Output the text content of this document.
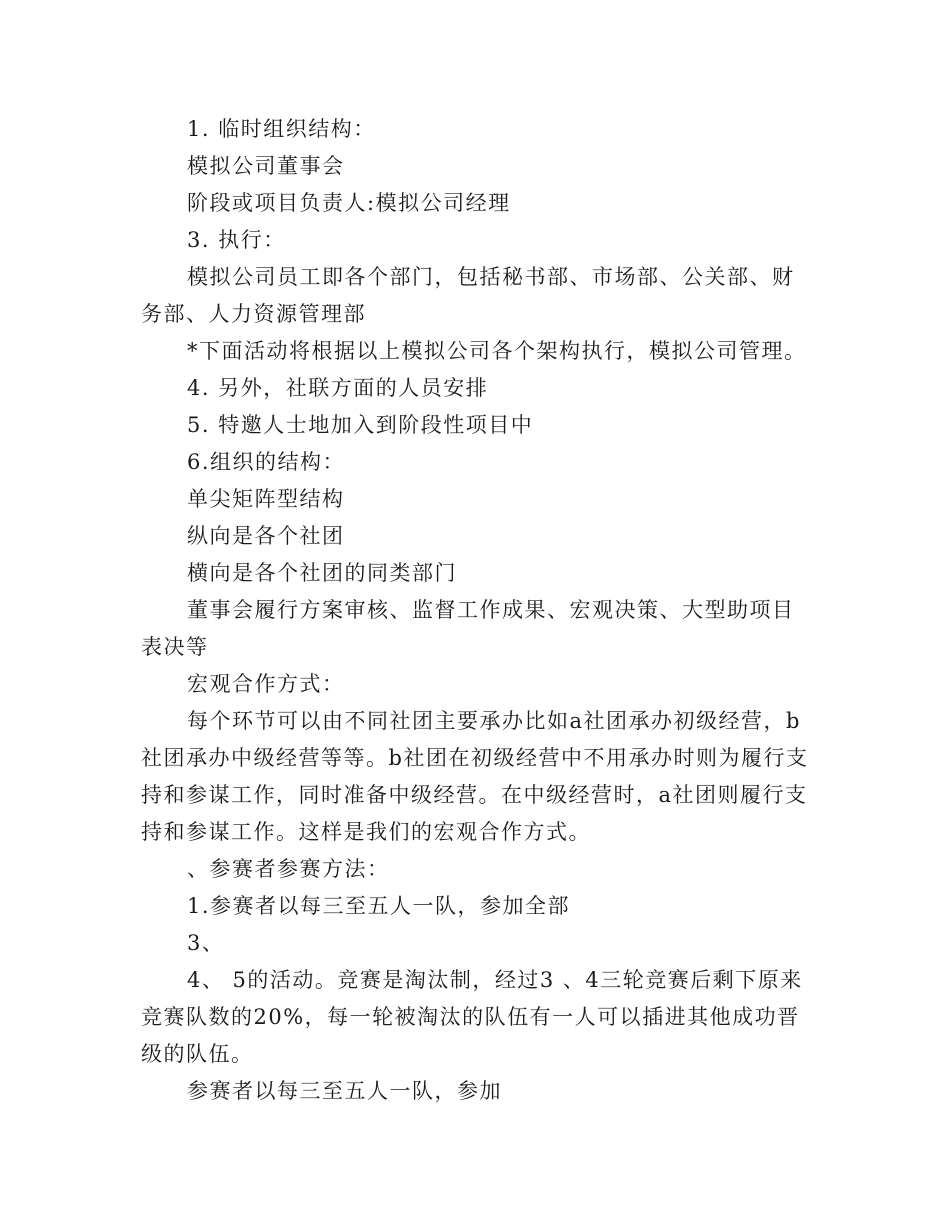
1. 临时组织结构：

模拟公司董事会

阶段或项目负责人:模拟公司经理

3. 执行：

模拟公司员工即各个部门，包括秘书部、市场部、公关部、财务部、人力资源管理部

*下面活动将根据以上模拟公司各个架构执行，模拟公司管理。

4. 另外，社联方面的人员安排

5. 特邀人士地加入到阶段性项目中

6.组织的结构：

单尖矩阵型结构

纵向是各个社团

横向是各个社团的同类部门

董事会履行方案审核、监督工作成果、宏观决策、大型助项目表决等

宏观合作方式：

每个环节可以由不同社团主要承办比如a社团承办初级经营，b社团承办中级经营等等。b社团在初级经营中不用承办时则为履行支持和参谋工作，同时准备中级经营。在中级经营时，a社团则履行支持和参谋工作。这样是我们的宏观合作方式。

、参赛者参赛方法：

1.参赛者以每三至五人一队，参加全部

3、

4、 5的活动。竞赛是淘汰制，经过3 、4三轮竞赛后剩下原来竞赛队数的20%，每一轮被淘汰的队伍有一人可以插进其他成功晋级的队伍。

参赛者以每三至五人一队，参加
